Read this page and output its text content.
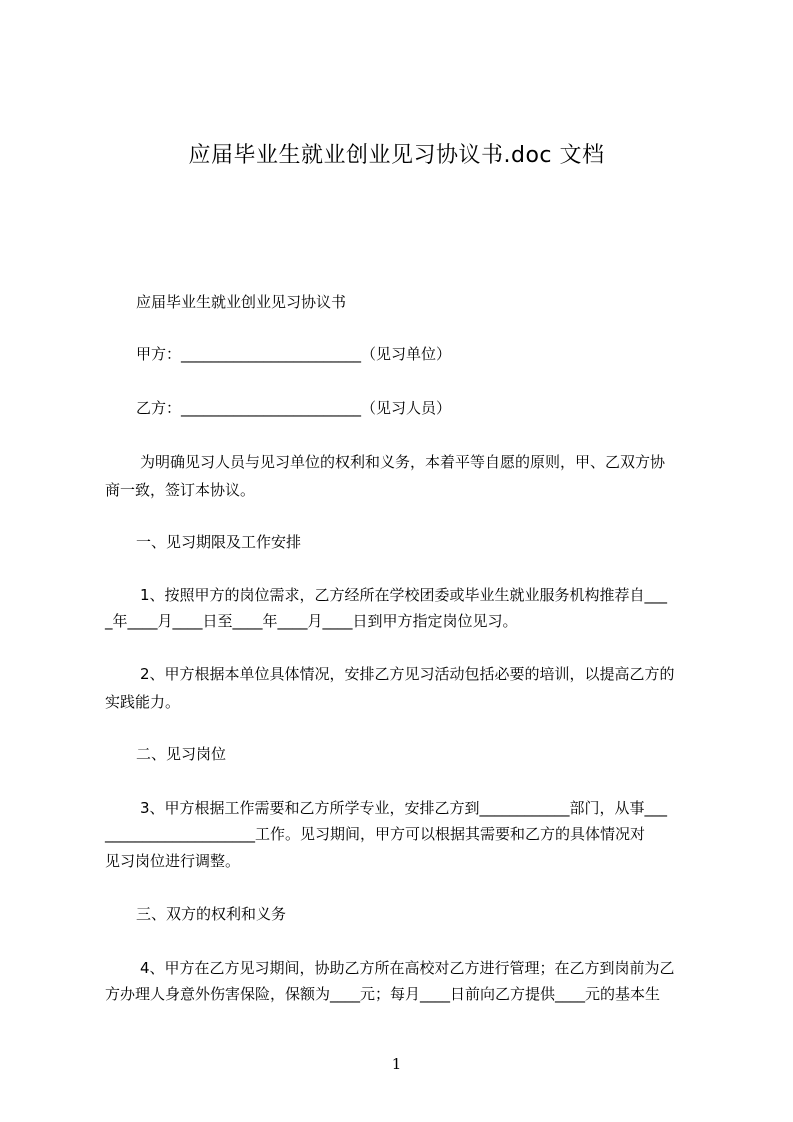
应届毕业生就业创业见习协议书.doc 文档
应届毕业生就业创业见习协议书
甲方：________________________（见习单位）
乙方：________________________（见习人员）
为明确见习人员与见习单位的权利和义务，本着平等自愿的原则，甲、乙双方协
商一致，签订本协议。
一、见习期限及工作安排
1、按照甲方的岗位需求，乙方经所在学校团委或毕业生就业服务机构推荐自___
_年____月____日至____年____月____日到甲方指定岗位见习。
2、甲方根据本单位具体情况，安排乙方见习活动包括必要的培训，以提高乙方的
实践能力。
二、见习岗位
3、甲方根据工作需要和乙方所学专业，安排乙方到____________部门，从事___
____________________工作。见习期间，甲方可以根据其需要和乙方的具体情况对
见习岗位进行调整。
三、双方的权利和义务
4、甲方在乙方见习期间，协助乙方所在高校对乙方进行管理；在乙方到岗前为乙
方办理人身意外伤害保险，保额为____元；每月____日前向乙方提供____元的基本生
1
